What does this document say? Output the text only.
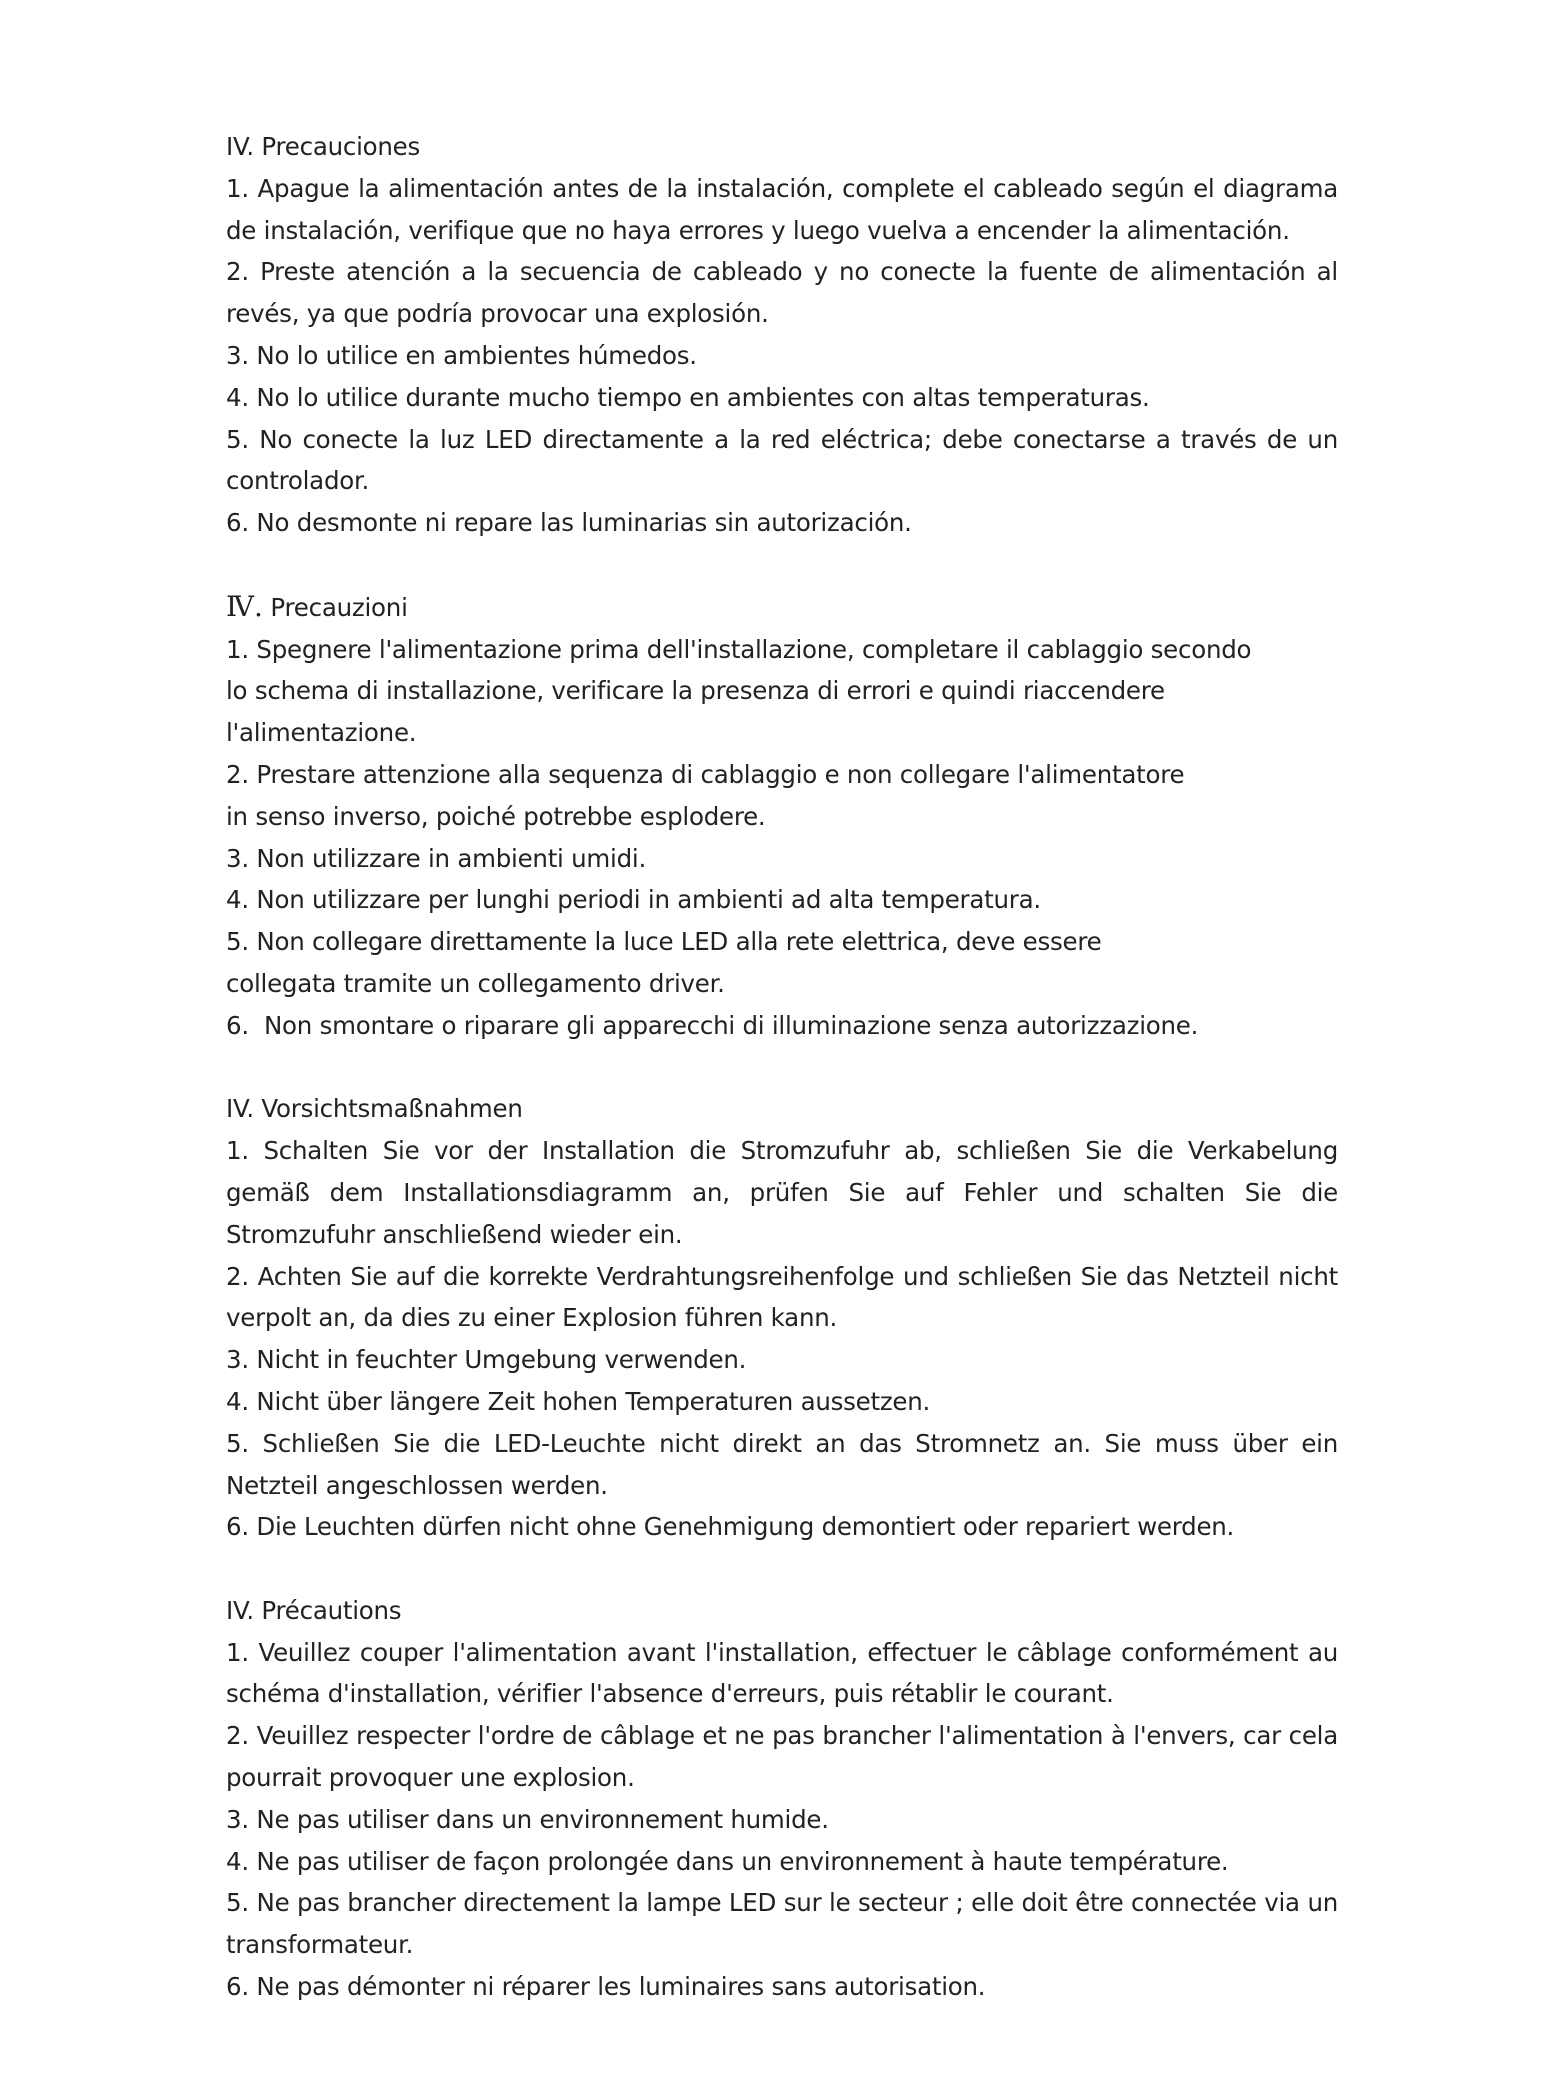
IV. Precauciones

1. Apague la alimentación antes de la instalación, complete el cableado según el diagrama de instalación, verifique que no haya errores y luego vuelva a encender la alimentación.

2. Preste atención a la secuencia de cableado y no conecte la fuente de alimentación al revés, ya que podría provocar una explosión.

3. No lo utilice en ambientes húmedos.

4. No lo utilice durante mucho tiempo en ambientes con altas temperaturas.

5. No conecte la luz LED directamente a la red eléctrica; debe conectarse a través de un controlador.

6. No desmonte ni repare las luminarias sin autorización.

Ⅳ. Precauzioni

1. Spegnere l'alimentazione prima dell'installazione, completare il cablaggio secondo

lo schema di installazione, verificare la presenza di errori e quindi riaccendere l'alimentazione.

2. Prestare attenzione alla sequenza di cablaggio e non collegare l'alimentatore

in senso inverso, poiché potrebbe esplodere.

3. Non utilizzare in ambienti umidi.

4. Non utilizzare per lunghi periodi in ambienti ad alta temperatura.

5. Non collegare direttamente la luce LED alla rete elettrica, deve essere

collegata tramite un collegamento driver.

6.  Non smontare o riparare gli apparecchi di illuminazione senza autorizzazione.

IV. Vorsichtsmaßnahmen

1. Schalten Sie vor der Installation die Stromzufuhr ab, schließen Sie die Verkabelung gemäß dem Installationsdiagramm an, prüfen Sie auf Fehler und schalten Sie die Stromzufuhr anschließend wieder ein.

2. Achten Sie auf die korrekte Verdrahtungsreihenfolge und schließen Sie das Netzteil nicht verpolt an, da dies zu einer Explosion führen kann.

3. Nicht in feuchter Umgebung verwenden.

4. Nicht über längere Zeit hohen Temperaturen aussetzen.

5. Schließen Sie die LED-Leuchte nicht direkt an das Stromnetz an. Sie muss über ein Netzteil angeschlossen werden.

6. Die Leuchten dürfen nicht ohne Genehmigung demontiert oder repariert werden.

IV. Précautions

1. Veuillez couper l'alimentation avant l'installation, effectuer le câblage conformément au schéma d'installation, vérifier l'absence d'erreurs, puis rétablir le courant.

2. Veuillez respecter l'ordre de câblage et ne pas brancher l'alimentation à l'envers, car cela pourrait provoquer une explosion.

3. Ne pas utiliser dans un environnement humide.

4. Ne pas utiliser de façon prolongée dans un environnement à haute température.

5. Ne pas brancher directement la lampe LED sur le secteur ; elle doit être connectée via un transformateur.

6. Ne pas démonter ni réparer les luminaires sans autorisation.
